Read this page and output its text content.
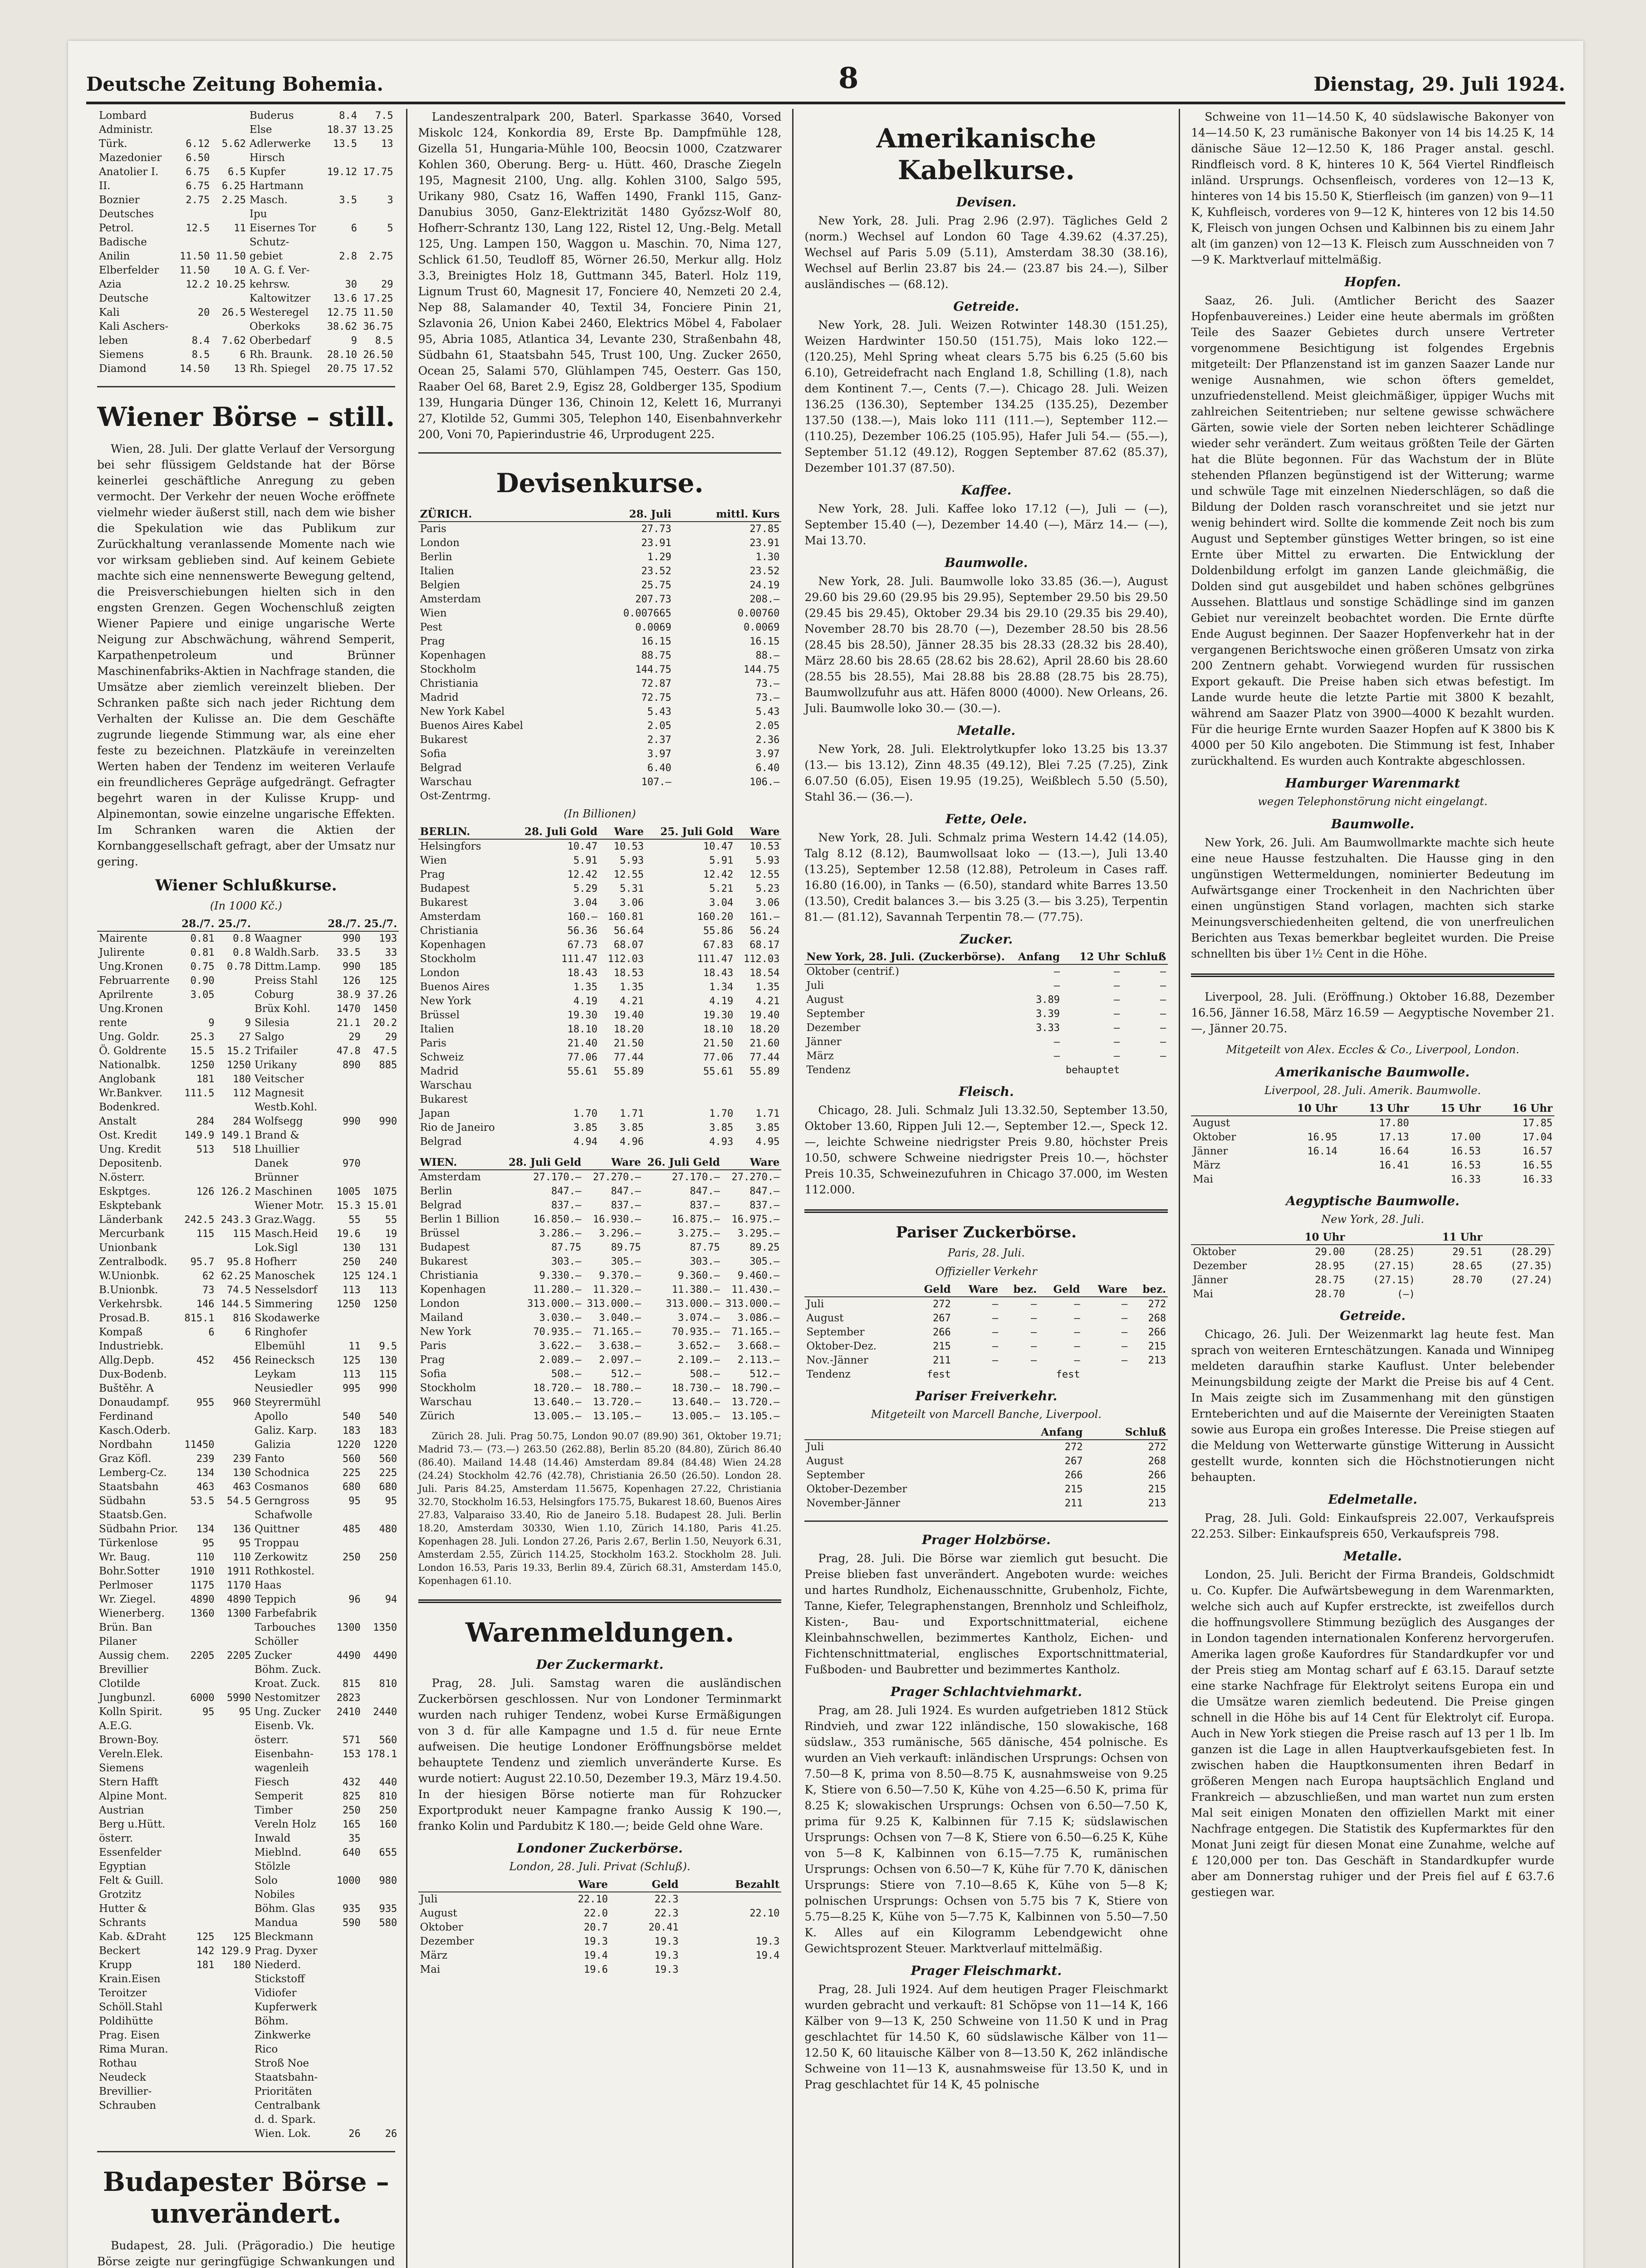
Deutsche Zeitung Bohemia.	8	Dienstag, 29. Juli 1924.
Lombard			Buderus	8.4	7.5
Administr.			Else	18.37	13.25
Türk.	6.12	5.62	Adlerwerke	13.5	13
Mazedonier	6.50		Hirsch		
Anatolier I.	6.75	6.5	Kupfer	19.12	17.75
II.	6.75	6.25	Hartmann		
Boznier	2.75	2.25	Masch.	3.5	3
Deutsches			Ipu		
Petrol.	12.5	11	Eisernes Tor	6	5
Badische			Schutz-		
Anilin	11.50	11.50	gebiet	2.8	2.75
Elberfelder	11.50	10	A. G. f. Ver-		
Azia	12.2	10.25	kehrsw.	30	29
Deutsche			Kaltowitzer	13.6	17.25
Kali	20	26.5	Westeregel	12.75	11.50
Kali Aschers-			Oberkoks	38.62	36.75
leben	8.4	7.62	Oberbedarf	9	8.5
Siemens	8.5	6	Rh. Braunk.	28.10	26.50
Diamond	14.50	13	Rh. Spiegel	20.75	17.52
Wiener Börse – still.

Wien, 28. Juli. Der glatte Verlauf der Versorgung bei sehr flüssigem Geldstande hat der Börse keinerlei geschäftliche Anregung zu geben vermocht. Der Verkehr der neuen Woche eröffnete vielmehr wieder äußerst still, nach dem wie bisher die Spekulation wie das Publikum zur Zurückhaltung veranlassende Momente nach wie vor wirksam geblieben sind. Auf keinem Gebiete machte sich eine nennenswerte Bewegung geltend, die Preisverschiebungen hielten sich in den engsten Grenzen. Gegen Wochenschluß zeigten Wiener Papiere und einige ungarische Werte Neigung zur Abschwächung, während Semperit, Karpathenpetroleum und Brünner Maschinenfabriks-Aktien in Nachfrage standen, die Umsätze aber ziemlich vereinzelt blieben. Der Schranken paßte sich nach jeder Richtung dem Verhalten der Kulisse an. Die dem Geschäfte zugrunde liegende Stimmung war, als eine eher feste zu bezeichnen. Platzkäufe in vereinzelten Werten haben der Tendenz im weiteren Verlaufe ein freundlicheres Gepräge aufgedrängt. Gefragter begehrt waren in der Kulisse Krupp- und Alpinemontan, sowie einzelne ungarische Effekten. Im Schranken waren die Aktien der Kornbanggesellschaft gefragt, aber der Umsatz nur gering.

Wiener Schlußkurse.
(In 1000 Kč.)
	28./7.	25./7.		28./7.	25./7.
Mairente	0.81	0.8	Waagner	990	193
Julirente	0.81	0.8	Waldh.Sarb.	33.5	33
Ung.Kronen	0.75	0.78	Dittm.Lamp.	990	185
Februarrente	0.90		Preiss Stahl	126	125
Aprilrente	3.05		Coburg	38.9	37.26
Ung.Kronen			Brüx Kohl.	1470	1450
rente	9	9	Silesia	21.1	20.2
Ung. Goldr.	25.3	27	Salgo	29	29
Ö. Goldrente	15.5	15.2	Trifailer	47.8	47.5
Nationalbk.	1250	1250	Urikany	890	885
Anglobank	181	180	Veitscher		
Wr.Bankver.	111.5	112	Magnesit		
Bodenkred.			Westb.Kohl.		
Anstalt	284	284	Wolfsegg	990	990
Ost. Kredit	149.9	149.1	Brand &		
Ung. Kredit	513	518	Lhuillier		
Depositenb.			Danek	970	
N.österr.			Brünner		
Eskptges.	126	126.2	Maschinen	1005	1075
Eskptebank			Wiener Motr.	15.3	15.01
Länderbank	242.5	243.3	Graz.Wagg.	55	55
Mercurbank	115	115	Masch.Heid	19.6	19
Unionbank			Lok.Sigl	130	131
Zentralbodk.	95.7	95.8	Hofherr	250	240
W.Unionbk.	62	62.25	Manoschek	125	124.1
B.Unionbk.	73	74.5	Nesselsdorf	113	113
Verkehrsbk.	146	144.5	Simmering	1250	1250
Prosad.B.	815.1	816	Skodawerke		
Kompaß	6	6	Ringhofer		
Industriebk.			Elbemühl	11	9.5
Allg.Depb.	452	456	Reinecksch	125	130
Dux-Bodenb.			Leykam	113	115
Buštěhr. A			Neusiedler	995	990
Donaudampf.	955	960	Steyrermühl		
Ferdinand			Apollo	540	540
Kasch.Oderb.			Galiz. Karp.	183	183
Nordbahn	11450		Galizia	1220	1220
Graz Köfl.	239	239	Fanto	560	560
Lemberg-Cz.	134	130	Schodnica	225	225
Staatsbahn	463	463	Cosmanos	680	680
Südbahn	53.5	54.5	Gerngross	95	95
Staatsb.Gen.			Schafwolle		
Südbahn Prior.	134	136	Quittner	485	480
Türkenlose	95	95	Troppau		
Wr. Baug.	110	110	Zerkowitz	250	250
Bohr.Sotter	1910	1911	Rothkostel.		
Perlmoser	1175	1170	Haas		
Wr. Ziegel.	4890	4890	Teppich	96	94
Wienerberg.	1360	1300	Farbefabrik		
Brün. Ban			Tarbouches	1300	1350
Pilaner			Schöller		
Aussig chem.	2205	2205	Zucker	4490	4490
Brevillier			Böhm. Zuck.		
Clotilde			Kroat. Zuck.	815	810
Jungbunzl.	6000	5990	Nestomitzer	2823	
Kolln Spirit.	95	95	Ung. Zucker	2410	2440
A.E.G.			Eisenb. Vk.		
Brown-Boy.			österr.	571	560
Vereln.Elek.			Eisenbahn-	153	178.1
Siemens			wagenleih		
Stern Hafft			Fiesch	432	440
Alpine Mont.			Semperit	825	810
Austrian			Timber	250	250
Berg u.Hütt.			Vereln Holz	165	160
österr.			Inwald	35	
Essenfelder			Mieblnd.	640	655
Egyptian			Stölzle		
Felt & Guill.			Solo	1000	980
Grotzitz			Nobiles		
Hutter &			Böhm. Glas	935	935
Schrants			Mandua	590	580
Kab. &Draht	125	125	Bleckmann		
Beckert	142	129.9	Prag. Dyxer		
Krupp	181	180	Niederd.		
Krain.Eisen			Stickstoff		
Teroitzer			Vidiofer		
Schöll.Stahl			Kupferwerk		
Poldihütte			Böhm.		
Prag. Eisen			Zinkwerke		
Rima Muran.			Rico		
Rothau			Stroß Noe		
Neudeck			Staatsbahn-		
Brevillier-			Prioritäten		
Schrauben			Centralbank		
			d. d. Spark.		
			Wien. Lok.	26	26
Budapester Börse – unverändert.

Budapest, 28. Juli. (Prägoradio.) Die heutige Börse zeigte nur geringfügige Schwankungen und

Landeszentralpark 200, Baterl. Sparkasse 3640, Vorsed Miskolc 124, Konkordia 89, Erste Bp. Dampfmühle 128, Gizella 51, Hungaria-Mühle 100, Beocsin 1000, Czatzwarer Kohlen 360, Oberung. Berg- u. Hütt. 460, Drasche Ziegeln 195, Magnesit 2100, Ung. allg. Kohlen 3100, Salgo 595, Urikany 980, Csatz 16, Waffen 1490, Frankl 115, Ganz-Danubius 3050, Ganz-Elektrizität 1480 Győzsz-Wolf 80, Hofherr-Schrantz 130, Lang 122, Ristel 12, Ung.-Belg. Metall 125, Ung. Lampen 150, Waggon u. Maschin. 70, Nima 127, Schlick 61.50, Teudloff 85, Wörner 26.50, Merkur allg. Holz 3.3, Breinigtes Holz 18, Guttmann 345, Baterl. Holz 119, Lignum Trust 60, Magnesit 17, Fonciere 40, Nemzeti 20 2.4, Nep 88, Salamander 40, Textil 34, Fonciere Pinin 21, Szlavonia 26, Union Kabei 2460, Elektrics Möbel 4, Fabolaer 95, Abria 1085, Atlantica 34, Levante 230, Straßenbahn 48, Südbahn 61, Staatsbahn 545, Trust 100, Ung. Zucker 2650, Ocean 25, Salami 570, Glühlampen 745, Oesterr. Gas 150, Raaber Oel 68, Baret 2.9, Egisz 28, Goldberger 135, Spodium 139, Hungaria Dünger 136, Chinoin 12, Kelett 16, Murranyi 27, Klotilde 52, Gummi 305, Telephon 140, Eisenbahnverkehr 200, Voni 70, Papierindustrie 46, Urprodugent 225.

Devisenkurse.
ZÜRICH.	28. Juli	mittl. Kurs
Paris	27.73	27.85
London	23.91	23.91
Berlin	1.29	1.30
Italien	23.52	23.52
Belgien	25.75	24.19
Amsterdam	207.73	208.—
Wien	0.007665	0.00760
Pest	0.0069	0.0069
Prag	16.15	16.15
Kopenhagen	88.75	88.—
Stockholm	144.75	144.75
Christiania	72.87	73.—
Madrid	72.75	73.—
New York Kabel	5.43	5.43
Buenos Aires Kabel	2.05	2.05
Bukarest	2.37	2.36
Sofia	3.97	3.97
Belgrad	6.40	6.40
Warschau	107.—	106.—
Ost-Zentrmg.		
(In Billionen)
BERLIN.	28. Juli Gold	Ware	25. Juli Gold	Ware
Helsingfors	10.47	10.53	10.47	10.53
Wien	5.91	5.93	5.91	5.93
Prag	12.42	12.55	12.42	12.55
Budapest	5.29	5.31	5.21	5.23
Bukarest	3.04	3.06	3.04	3.06
Amsterdam	160.—	160.81	160.20	161.—
Christiania	56.36	56.64	55.86	56.24
Kopenhagen	67.73	68.07	67.83	68.17
Stockholm	111.47	112.03	111.47	112.03
London	18.43	18.53	18.43	18.54
Buenos Aires	1.35	1.35	1.34	1.35
New York	4.19	4.21	4.19	4.21
Brüssel	19.30	19.40	19.30	19.40
Italien	18.10	18.20	18.10	18.20
Paris	21.40	21.50	21.50	21.60
Schweiz	77.06	77.44	77.06	77.44
Madrid	55.61	55.89	55.61	55.89
Warschau				
Bukarest				
Japan	1.70	1.71	1.70	1.71
Rio de Janeiro	3.85	3.85	3.85	3.85
Belgrad	4.94	4.96	4.93	4.95
WIEN.	28. Juli Geld	Ware	26. Juli Geld	Ware
Amsterdam	27.170.—	27.270.—	27.170.—	27.270.—
Berlin	847.—	847.—	847.—	847.—
Belgrad	837.—	837.—	837.—	837.—
Berlin 1 Billion	16.850.—	16.930.—	16.875.—	16.975.—
Brüssel	3.286.—	3.296.—	3.275.—	3.295.—
Budapest	87.75	89.75	87.75	89.25
Bukarest	303.—	305.—	303.—	305.—
Christiania	9.330.—	9.370.—	9.360.—	9.460.—
Kopenhagen	11.280.—	11.320.—	11.380.—	11.430.—
London	313.000.—	313.000.—	313.000.—	313.000.—
Mailand	3.030.—	3.040.—	3.074.—	3.086.—
New York	70.935.—	71.165.—	70.935.—	71.165.—
Paris	3.622.—	3.638.—	3.652.—	3.668.—
Prag	2.089.—	2.097.—	2.109.—	2.113.—
Sofia	508.—	512.—	508.—	512.—
Stockholm	18.720.—	18.780.—	18.730.—	18.790.—
Warschau	13.640.—	13.720.—	13.640.—	13.720.—
Zürich	13.005.—	13.105.—	13.005.—	13.105.—

Zürich 28. Juli. Prag 50.75, London 90.07 (89.90) 361, Oktober 19.71; Madrid 73.— (73.—) 263.50 (262.88), Berlin 85.20 (84.80), Zürich 86.40 (86.40). Mailand 14.48 (14.46) Amsterdam 89.84 (84.48) Wien 24.28 (24.24) Stockholm 42.76 (42.78), Christiania 26.50 (26.50). London 28. Juli. Paris 84.25, Amsterdam 11.5675, Kopenhagen 27.22, Christiania 32.70, Stockholm 16.53, Helsingfors 175.75, Bukarest 18.60, Buenos Aires 27.83, Valparaiso 33.40, Rio de Janeiro 5.18. Budapest 28. Juli. Berlin 18.20, Amsterdam 30330, Wien 1.10, Zürich 14.180, Paris 41.25. Kopenhagen 28. Juli. London 27.26, Paris 2.67, Berlin 1.50, Neuyork 6.31, Amsterdam 2.55, Zürich 114.25, Stockholm 163.2. Stockholm 28. Juli. London 16.53, Paris 19.33, Berlin 89.4, Zürich 68.31, Amsterdam 145.0, Kopenhagen 61.10.

Warenmeldungen.
Der Zuckermarkt.

Prag, 28. Juli. Samstag waren die ausländischen Zuckerbörsen geschlossen. Nur von Londoner Terminmarkt wurden nach ruhiger Tendenz, wobei Kurse Ermäßigungen von 3 d. für alle Kampagne und 1.5 d. für neue Ernte aufweisen. Die heutige Londoner Eröffnungsbörse meldet behauptete Tendenz und ziemlich unveränderte Kurse. Es wurde notiert: August 22.10.50, Dezember 19.3, März 19.4.50. In der hiesigen Börse notierte man für Rohzucker Exportprodukt neuer Kampagne franko Aussig K 190.—, franko Kolin und Pardubitz K 180.—; beide Geld ohne Ware.

Londoner Zuckerbörse.
London, 28. Juli. Privat (Schluß).
	Ware	Geld	Bezahlt
Juli	22.10	22.3	
August	22.0	22.3	22.10
Oktober	20.7	20.41	
Dezember	19.3	19.3	19.3
März	19.4	19.3	19.4
Mai	19.6	19.3	
Amerikanische Kabelkurse.
Devisen.

New York, 28. Juli. Prag 2.96 (2.97). Tägliches Geld 2 (norm.) Wechsel auf London 60 Tage 4.39.62 (4.37.25), Wechsel auf Paris 5.09 (5.11), Amsterdam 38.30 (38.16), Wechsel auf Berlin 23.87 bis 24.— (23.87 bis 24.—), Silber ausländisches — (68.12).

Getreide.

New York, 28. Juli. Weizen Rotwinter 148.30 (151.25), Weizen Hardwinter 150.50 (151.75), Mais loko 122.— (120.25), Mehl Spring wheat clears 5.75 bis 6.25 (5.60 bis 6.10), Getreidefracht nach England 1.8, Schilling (1.8), nach dem Kontinent 7.—, Cents (7.—). Chicago 28. Juli. Weizen 136.25 (136.30), September 134.25 (135.25), Dezember 137.50 (138.—), Mais loko 111 (111.—), September 112.— (110.25), Dezember 106.25 (105.95), Hafer Juli 54.— (55.—), September 51.12 (49.12), Roggen September 87.62 (85.37), Dezember 101.37 (87.50).

Kaffee.

New York, 28. Juli. Kaffee loko 17.12 (—), Juli — (—), September 15.40 (—), Dezember 14.40 (—), März 14.— (—), Mai 13.70.

Baumwolle.

New York, 28. Juli. Baumwolle loko 33.85 (36.—), August 29.60 bis 29.60 (29.95 bis 29.95), September 29.50 bis 29.50 (29.45 bis 29.45), Oktober 29.34 bis 29.10 (29.35 bis 29.40), November 28.70 bis 28.70 (—), Dezember 28.50 bis 28.56 (28.45 bis 28.50), Jänner 28.35 bis 28.33 (28.32 bis 28.40), März 28.60 bis 28.65 (28.62 bis 28.62), April 28.60 bis 28.60 (28.55 bis 28.55), Mai 28.88 bis 28.88 (28.75 bis 28.75), Baumwollzufuhr aus att. Häfen 8000 (4000). New Orleans, 26. Juli. Baumwolle loko 30.— (30.—).

Metalle.

New York, 28. Juli. Elektrolytkupfer loko 13.25 bis 13.37 (13.— bis 13.12), Zinn 48.35 (49.12), Blei 7.25 (7.25), Zink 6.07.50 (6.05), Eisen 19.95 (19.25), Weißblech 5.50 (5.50), Stahl 36.— (36.—).

Fette, Oele.

New York, 28. Juli. Schmalz prima Western 14.42 (14.05), Talg 8.12 (8.12), Baumwollsaat loko — (13.—), Juli 13.40 (13.25), September 12.58 (12.88), Petroleum in Cases raff. 16.80 (16.00), in Tanks — (6.50), standard white Barres 13.50 (13.50), Credit balances 3.— bis 3.25 (3.— bis 3.25), Terpentin 81.— (81.12), Savannah Terpentin 78.— (77.75).

Zucker.
New York, 28. Juli. (Zuckerbörse).	Anfang	12 Uhr	Schluß
Oktober (centrif.)	—	—	—
Juli	—	—	—
August	3.89	—	—
September	3.39	—	—
Dezember	3.33	—	—
Jänner	—	—	—
März	—	—	—
Tendenz		behauptet	
Fleisch.

Chicago, 28. Juli. Schmalz Juli 13.32.50, September 13.50, Oktober 13.60, Rippen Juli 12.—, September 12.—, Speck 12.—, leichte Schweine niedrigster Preis 9.80, höchster Preis 10.50, schwere Schweine niedrigster Preis 10.—, höchster Preis 10.35, Schweinezufuhren in Chicago 37.000, im Westen 112.000.

Pariser Zuckerbörse.
Paris, 28. Juli.
Offizieller Verkehr
	Geld	Ware	bez.	Geld	Ware	bez.
Juli	272	—	—	—	—	272
August	267	—	—	—	—	268
September	266	—	—	—	—	266
Oktober-Dez.	215	—	—	—	—	215
Nov.-Jänner	211	—	—	—	—	213
Tendenz	fest			fest		
Pariser Freiverkehr.
Mitgeteilt von Marcell Banche, Liverpool.
	Anfang	Schluß
Juli	272	272
August	267	268
September	266	266
Oktober-Dezember	215	215
November-Jänner	211	213
Prager Holzbörse.

Prag, 28. Juli. Die Börse war ziemlich gut besucht. Die Preise blieben fast unverändert. Angeboten wurde: weiches und hartes Rundholz, Eichenausschnitte, Grubenholz, Fichte, Tanne, Kiefer, Telegraphenstangen, Brennholz und Schleifholz, Kisten-, Bau- und Exportschnittmaterial, eichene Kleinbahnschwellen, bezimmertes Kantholz, Eichen- und Fichtenschnittmaterial, englisches Exportschnittmaterial, Fußboden- und Baubretter und bezimmertes Kantholz.

Prager Schlachtviehmarkt.

Prag, am 28. Juli 1924. Es wurden aufgetrieben 1812 Stück Rindvieh, und zwar 122 inländische, 150 slowakische, 168 südslaw., 353 rumänische, 565 dänische, 454 polnische. Es wurden an Vieh verkauft: inländischen Ursprungs: Ochsen von 7.50—8 K, prima von 8.50—8.75 K, ausnahmsweise von 9.25 K, Stiere von 6.50—7.50 K, Kühe von 4.25—6.50 K, prima für 8.25 K; slowakischen Ursprungs: Ochsen von 6.50—7.50 K, prima für 9.25 K, Kalbinnen für 7.15 K; südslawischen Ursprungs: Ochsen von 7—8 K, Stiere von 6.50—6.25 K, Kühe von 5—8 K, Kalbinnen von 6.15—7.75 K, rumänischen Ursprungs: Ochsen von 6.50—7 K, Kühe für 7.70 K, dänischen Ursprungs: Stiere von 7.10—8.65 K, Kühe von 5—8 K; polnischen Ursprungs: Ochsen von 5.75 bis 7 K, Stiere von 5.75—8.25 K, Kühe von 5—7.75 K, Kalbinnen von 5.50—7.50 K. Alles auf ein Kilogramm Lebendgewicht ohne Gewichtsprozent Steuer. Marktverlauf mittelmäßig.

Prager Fleischmarkt.

Prag, 28. Juli 1924. Auf dem heutigen Prager Fleischmarkt wurden gebracht und verkauft: 81 Schöpse von 11—14 K, 166 Kälber von 9—13 K, 250 Schweine von 11.50 K und in Prag geschlachtet für 14.50 K, 60 südslawische Kälber von 11—12.50 K, 60 litauische Kälber von 8—13.50 K, 262 inländische Schweine von 11—13 K, ausnahmsweise für 13.50 K, und in Prag geschlachtet für 14 K, 45 polnische

Schweine von 11—14.50 K, 40 südslawische Bakonyer von 14—14.50 K, 23 rumänische Bakonyer von 14 bis 14.25 K, 14 dänische Säue 12—12.50 K, 186 Prager anstal. geschl. Rindfleisch vord. 8 K, hinteres 10 K, 564 Viertel Rindfleisch inländ. Ursprungs. Ochsenfleisch, vorderes von 12—13 K, hinteres von 14 bis 15.50 K, Stierfleisch (im ganzen) von 9—11 K, Kuhfleisch, vorderes von 9—12 K, hinteres von 12 bis 14.50 K, Fleisch von jungen Ochsen und Kalbinnen bis zu einem Jahr alt (im ganzen) von 12—13 K. Fleisch zum Ausschneiden von 7—9 K. Marktverlauf mittelmäßig.

Hopfen.

Saaz, 26. Juli. (Amtlicher Bericht des Saazer Hopfenbauvereines.) Leider eine heute abermals im größten Teile des Saazer Gebietes durch unsere Vertreter vorgenommene Besichtigung ist folgendes Ergebnis mitgeteilt: Der Pflanzenstand ist im ganzen Saazer Lande nur wenige Ausnahmen, wie schon öfters gemeldet, unzufriedenstellend. Meist gleichmäßiger, üppiger Wuchs mit zahlreichen Seitentrieben; nur seltene gewisse schwächere Gärten, sowie viele der Sorten neben leichterer Schädlinge wieder sehr verändert. Zum weitaus größten Teile der Gärten hat die Blüte begonnen. Für das Wachstum der in Blüte stehenden Pflanzen begünstigend ist der Witterung; warme und schwüle Tage mit einzelnen Niederschlägen, so daß die Bildung der Dolden rasch voranschreitet und sie jetzt nur wenig behindert wird. Sollte die kommende Zeit noch bis zum August und September günstiges Wetter bringen, so ist eine Ernte über Mittel zu erwarten. Die Entwicklung der Doldenbildung erfolgt im ganzen Lande gleichmäßig, die Dolden sind gut ausgebildet und haben schönes gelbgrünes Aussehen. Blattlaus und sonstige Schädlinge sind im ganzen Gebiet nur vereinzelt beobachtet worden. Die Ernte dürfte Ende August beginnen. Der Saazer Hopfenverkehr hat in der vergangenen Berichtswoche einen größeren Umsatz von zirka 200 Zentnern gehabt. Vorwiegend wurden für russischen Export gekauft. Die Preise haben sich etwas befestigt. Im Lande wurde heute die letzte Partie mit 3800 K bezahlt, während am Saazer Platz von 3900—4000 K bezahlt wurden. Für die heurige Ernte wurden Saazer Hopfen auf K 3800 bis K 4000 per 50 Kilo angeboten. Die Stimmung ist fest, Inhaber zurückhaltend. Es wurden auch Kontrakte abgeschlossen.

Hamburger Warenmarkt
wegen Telephonstörung nicht eingelangt.
Baumwolle.

New York, 26. Juli. Am Baumwollmarkte machte sich heute eine neue Hausse festzuhalten. Die Hausse ging in den ungünstigen Wettermeldungen, nominierter Bedeutung im Aufwärtsgange einer Trockenheit in den Nachrichten über einen ungünstigen Stand vorlagen, machten sich starke Meinungsverschiedenheiten geltend, die von unerfreulichen Berichten aus Texas bemerkbar begleitet wurden. Die Preise schnellten bis über 1½ Cent in die Höhe.

Liverpool, 28. Juli. (Eröffnung.) Oktober 16.88, Dezember 16.56, Jänner 16.58, März 16.59 — Aegyptische November 21.—, Jänner 20.75.

Mitgeteilt von Alex. Eccles & Co., Liverpool, London.
Amerikanische Baumwolle.
Liverpool, 28. Juli. Amerik. Baumwolle.
	10 Uhr	13 Uhr	15 Uhr	16 Uhr
August		17.80		17.85
Oktober	16.95	17.13	17.00	17.04
Jänner	16.14	16.64	16.53	16.57
März		16.41	16.53	16.55
Mai			16.33	16.33
Aegyptische Baumwolle.
New York, 28. Juli.
	10 Uhr		11 Uhr	
Oktober	29.00	(28.25)	29.51	(28.29)
Dezember	28.95	(27.15)	28.65	(27.35)
Jänner	28.75	(27.15)	28.70	(27.24)
Mai	28.70	(—)		
Getreide.

Chicago, 26. Juli. Der Weizenmarkt lag heute fest. Man sprach von weiteren Ernteschätzungen. Kanada und Winnipeg meldeten daraufhin starke Kauflust. Unter belebender Meinungsbildung zeigte der Markt die Preise bis auf 4 Cent. In Mais zeigte sich im Zusammenhang mit den günstigen Ernteberichten und auf die Maisernte der Vereinigten Staaten sowie aus Europa ein großes Interesse. Die Preise stiegen auf die Meldung von Wetterwarte günstige Witterung in Aussicht gestellt wurde, konnten sich die Höchstnotierungen nicht behaupten.

Edelmetalle.

Prag, 28. Juli. Gold: Einkaufspreis 22.007, Verkaufspreis 22.253. Silber: Einkaufspreis 650, Verkaufspreis 798.

Metalle.

London, 25. Juli. Bericht der Firma Brandeis, Goldschmidt u. Co. Kupfer. Die Aufwärtsbewegung in dem Warenmarkten, welche sich auch auf Kupfer erstreckte, ist zweifellos durch die hoffnungsvollere Stimmung bezüglich des Ausganges der in London tagenden internationalen Konferenz hervorgerufen. Amerika lagen große Kaufordres für Standardkupfer vor und der Preis stieg am Montag scharf auf £ 63.15. Darauf setzte eine starke Nachfrage für Elektrolyt seitens Europa ein und die Umsätze waren ziemlich bedeutend. Die Preise gingen schnell in die Höhe bis auf 14 Cent für Elektrolyt cif. Europa. Auch in New York stiegen die Preise rasch auf 13 per 1 lb. Im ganzen ist die Lage in allen Hauptverkaufsgebieten fest. In zwischen haben die Hauptkonsumenten ihren Bedarf in größeren Mengen nach Europa hauptsächlich England und Frankreich — abzuschließen, und man wartet nun zum ersten Mal seit einigen Monaten den offiziellen Markt mit einer Nachfrage entgegen. Die Statistik des Kupfermarktes für den Monat Juni zeigt für diesen Monat eine Zunahme, welche auf £ 120,000 per ton. Das Geschäft in Standardkupfer wurde aber am Donnerstag ruhiger und der Preis fiel auf £ 63.7.6 gestiegen war.
